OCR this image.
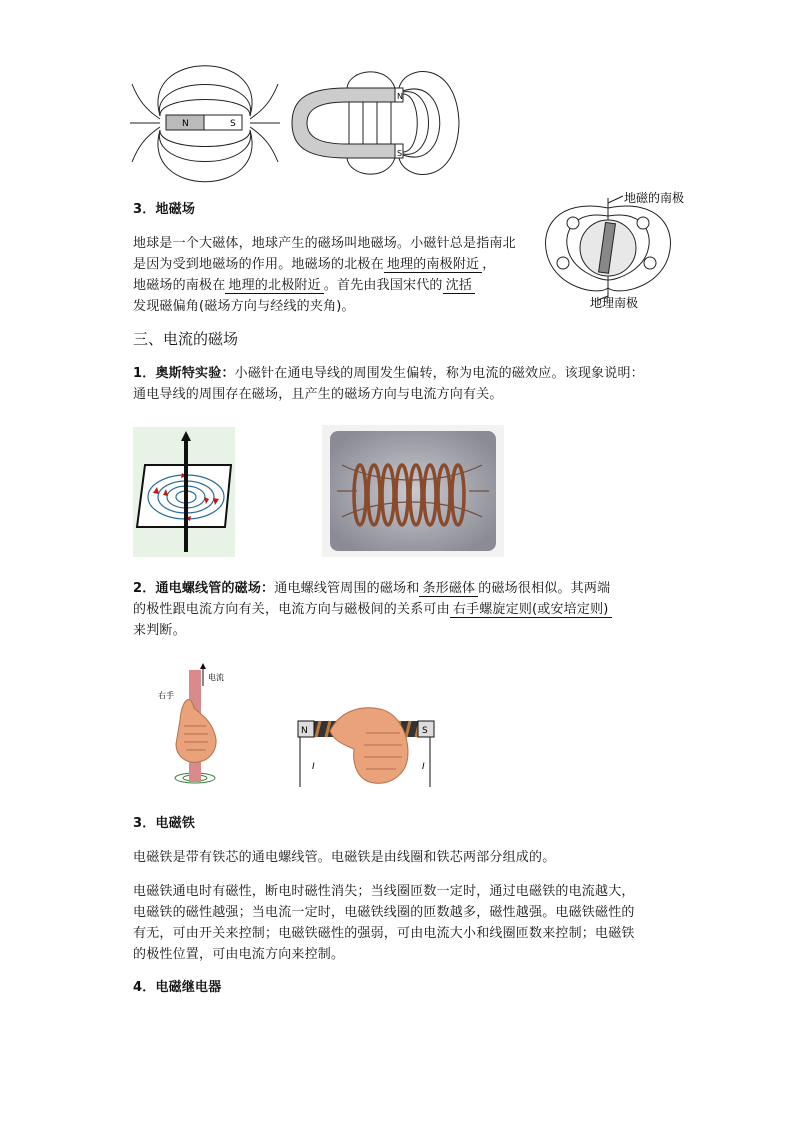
N	S
N
S
地磁的南极
地理南极
3．地磁场
地球是一个大磁体，地球产生的磁场叫地磁场。小磁针总是指南北
是因为受到地磁场的作用。地磁场的北极在 地理的南极附近 ，
地磁场的南极在 地理的北极附近 。首先由我国宋代的 沈括
发现磁偏角(磁场方向与经线的夹角)。
三、电流的磁场
1．奥斯特实验：小磁针在通电导线的周围发生偏转，称为电流的磁效应。该现象说明：
通电导线的周围存在磁场，且产生的磁场方向与电流方向有关。
2．通电螺线管的磁场：通电螺线管周围的磁场和 条形磁体 的磁场很相似。其两端
的极性跟电流方向有关，电流方向与磁极间的关系可由 右手螺旋定则(或安培定则)
来判断。
电流
右手
N	S
I	I
3．电磁铁
电磁铁是带有铁芯的通电螺线管。电磁铁是由线圈和铁芯两部分组成的。
电磁铁通电时有磁性，断电时磁性消失；当线圈匝数一定时，通过电磁铁的电流越大，
电磁铁的磁性越强；当电流一定时，电磁铁线圈的匝数越多，磁性越强。电磁铁磁性的
有无，可由开关来控制；电磁铁磁性的强弱，可由电流大小和线圈匝数来控制；电磁铁
的极性位置，可由电流方向来控制。
4．电磁继电器
